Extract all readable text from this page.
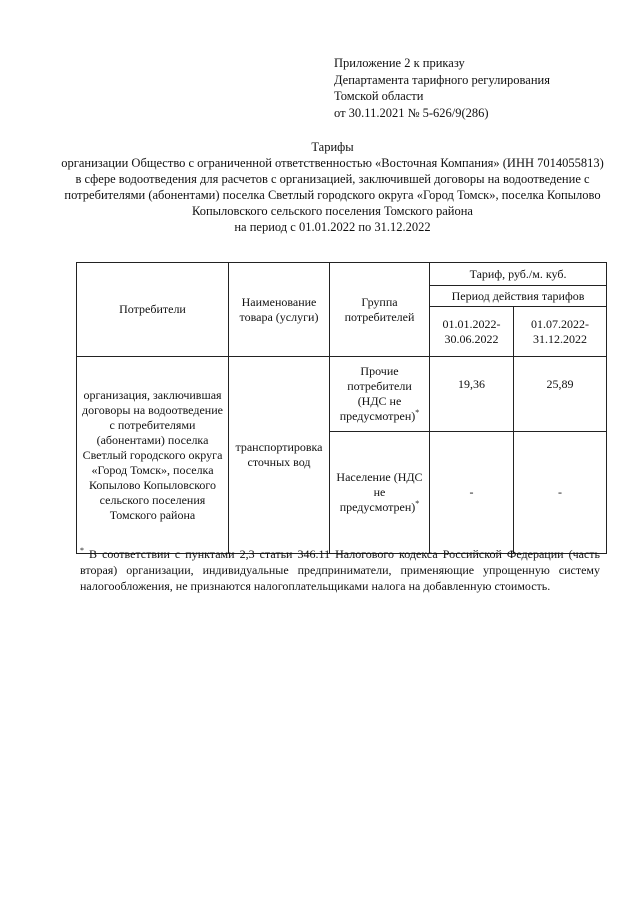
Приложение 2 к приказу
Департамента тарифного регулирования
Томской области
от 30.11.2021 № 5-626/9(286)
Тарифы
организации Общество с ограниченной ответственностью «Восточная Компания» (ИНН 7014055813) в сфере водоотведения для расчетов с организацией, заключившей договоры на водоотведение с потребителями (абонентами) поселка Светлый городского округа «Город Томск», поселка Копылово Копыловского сельского поселения Томского района
на период с 01.01.2022 по 31.12.2022
Потребители	Наименование товара (услуги)	Группа потребителей	Тариф, руб./м. куб.	
			Период действия тарифов	
			01.01.2022-30.06.2022	01.07.2022-31.12.2022
организация, заключившая договоры на водоотведение с потребителями (абонентами) поселка Светлый городского округа «Город Томск», поселка Копылово Копыловского сельского поселения Томского района	транспортировка сточных вод	Прочие потребители (НДС не предусмотрен)*	19,36	25,89
		Население (НДС не предусмотрен)*	-	-
* В соответствии с пунктами 2,3 статьи 346.11 Налогового кодекса Российской Федерации (часть вторая) организации, индивидуальные предприниматели, применяющие упрощенную систему налогообложения, не признаются налогоплательщиками налога на добавленную стоимость.
